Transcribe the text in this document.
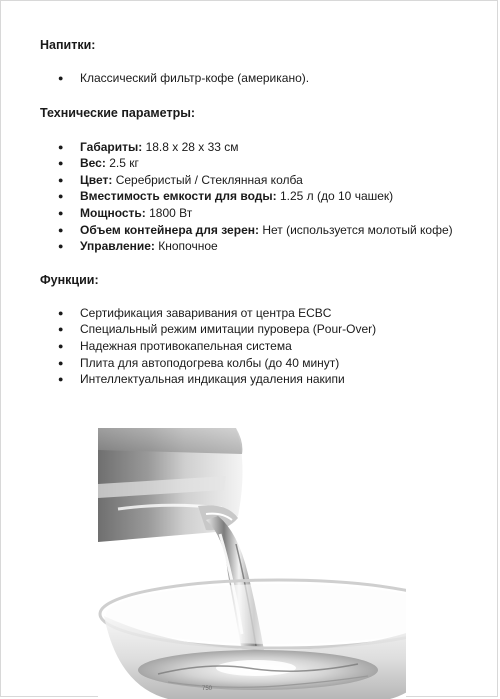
Напитки:

● Классический фильтр-кофе (американо).

Технические параметры:

● Габариты: 18.8 x 28 x 33 см
● Вес: 2.5 кг
● Цвет: Серебристый / Стеклянная колба
● Вместимость емкости для воды: 1.25 л (до 10 чашек)
● Мощность: 1800 Вт
● Объем контейнера для зерен: Нет (используется молотый кофе)
● Управление: Кнопочное

Функции:

● Сертификация заваривания от центра ECBC
● Специальный режим имитации пуровера (Pour-Over)
● Надежная противокапельная система
● Плита для автоподогрева колбы (до 40 минут)
● Интеллектуальная индикация удаления накипи
750
